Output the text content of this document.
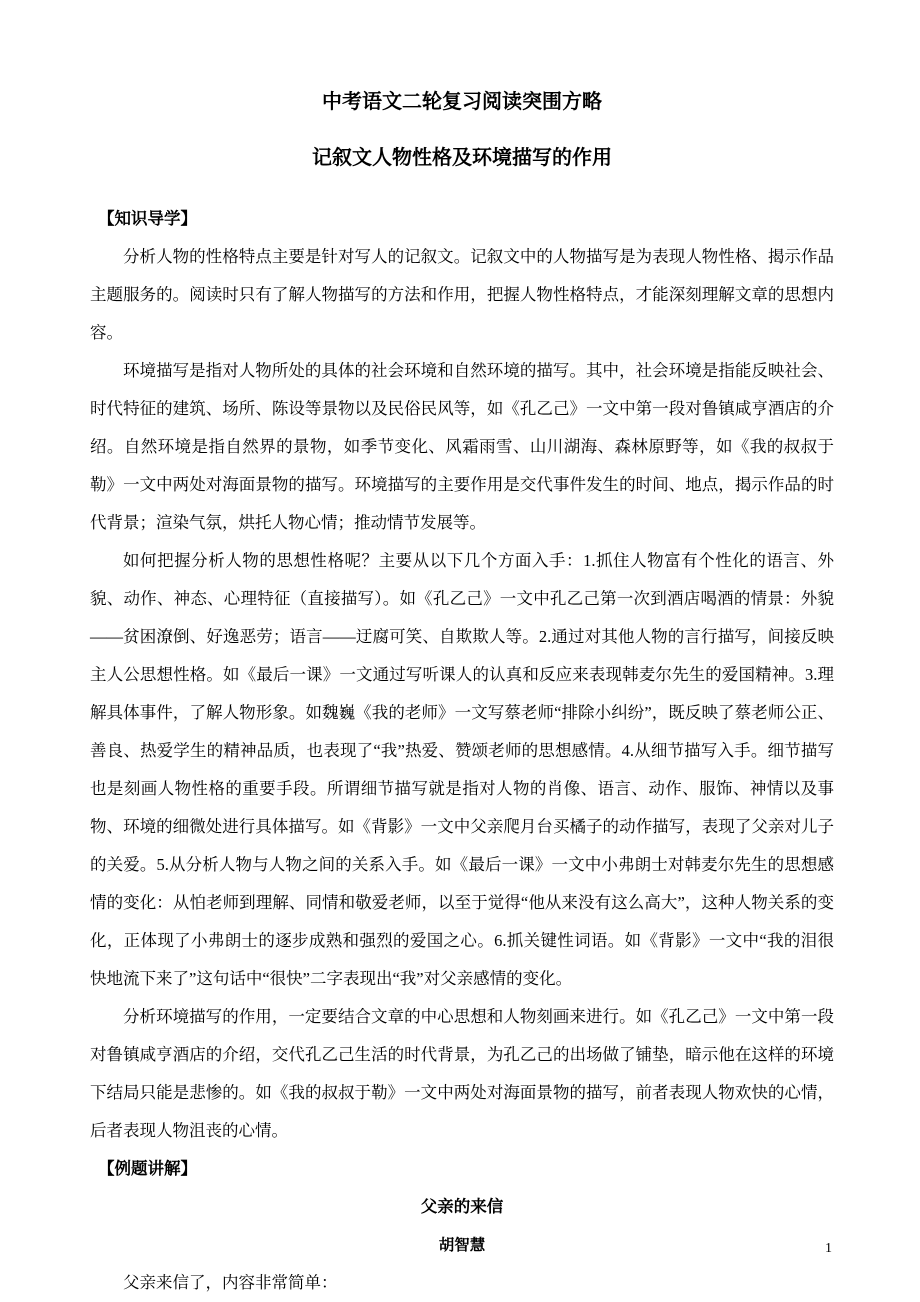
中考语文二轮复习阅读突围方略
记叙文人物性格及环境描写的作用
【知识导学】

分析人物的性格特点主要是针对写人的记叙文。记叙文中的人物描写是为表现人物性格、揭示作品主题服务的。阅读时只有了解人物描写的方法和作用，把握人物性格特点，才能深刻理解文章的思想内容。

环境描写是指对人物所处的具体的社会环境和自然环境的描写。其中，社会环境是指能反映社会、时代特征的建筑、场所、陈设等景物以及民俗民风等，如《孔乙己》一文中第一段对鲁镇咸亨酒店的介绍。自然环境是指自然界的景物，如季节变化、风霜雨雪、山川湖海、森林原野等，如《我的叔叔于勒》一文中两处对海面景物的描写。环境描写的主要作用是交代事件发生的时间、地点，揭示作品的时代背景；渲染气氛，烘托人物心情；推动情节发展等。

如何把握分析人物的思想性格呢？主要从以下几个方面入手：1.抓住人物富有个性化的语言、外貌、动作、神态、心理特征（直接描写）。如《孔乙己》一文中孔乙己第一次到酒店喝酒的情景：外貌——贫困潦倒、好逸恶劳；语言——迂腐可笑、自欺欺人等。2.通过对其他人物的言行描写，间接反映主人公思想性格。如《最后一课》一文通过写听课人的认真和反应来表现韩麦尔先生的爱国精神。3.理解具体事件，了解人物形象。如魏巍《我的老师》一文写蔡老师“排除小纠纷”，既反映了蔡老师公正、善良、热爱学生的精神品质，也表现了“我”热爱、赞颂老师的思想感情。4.从细节描写入手。细节描写也是刻画人物性格的重要手段。所谓细节描写就是指对人物的肖像、语言、动作、服饰、神情以及事物、环境的细微处进行具体描写。如《背影》一文中父亲爬月台买橘子的动作描写，表现了父亲对儿子的关爱。5.从分析人物与人物之间的关系入手。如《最后一课》一文中小弗朗士对韩麦尔先生的思想感情的变化：从怕老师到理解、同情和敬爱老师，以至于觉得“他从来没有这么高大”，这种人物关系的变化，正体现了小弗朗士的逐步成熟和强烈的爱国之心。6.抓关键性词语。如《背影》一文中“我的泪很快地流下来了”这句话中“很快”二字表现出“我”对父亲感情的变化。

分析环境描写的作用，一定要结合文章的中心思想和人物刻画来进行。如《孔乙己》一文中第一段对鲁镇咸亨酒店的介绍，交代孔乙己生活的时代背景，为孔乙己的出场做了铺垫，暗示他在这样的环境下结局只能是悲惨的。如《我的叔叔于勒》一文中两处对海面景物的描写，前者表现人物欢快的心情，后者表现人物沮丧的心情。

【例题讲解】
父亲的来信
胡智慧

父亲来信了，内容非常简单：

1
